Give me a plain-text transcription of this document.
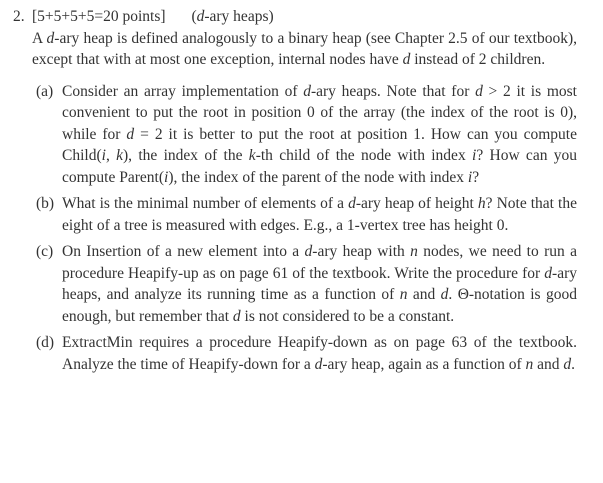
2. [5+5+5+5=20 points] (d-ary heaps)

A d-ary heap is defined analogously to a binary heap (see Chapter 2.5 of our textbook), except that with at most one exception, internal nodes have d instead of 2 children.

(a) Consider an array implementation of d-ary heaps. Note that for d > 2 it is most convenient to put the root in position 0 of the array (the index of the root is 0), while for d = 2 it is better to put the root at position 1. How can you compute Child(i, k), the index of the k-th child of the node with index i? How can you compute Parent(i), the index of the parent of the node with index i?

(b) What is the minimal number of elements of a d-ary heap of height h? Note that the eight of a tree is measured with edges. E.g., a 1-vertex tree has height 0.

(c) On Insertion of a new element into a d-ary heap with n nodes, we need to run a procedure Heapify-up as on page 61 of the textbook. Write the procedure for d-ary heaps, and analyze its running time as a function of n and d. Θ-notation is good enough, but remember that d is not considered to be a constant.

(d) ExtractMin requires a procedure Heapify-down as on page 63 of the textbook. Analyze the time of Heapify-down for a d-ary heap, again as a function of n and d.
